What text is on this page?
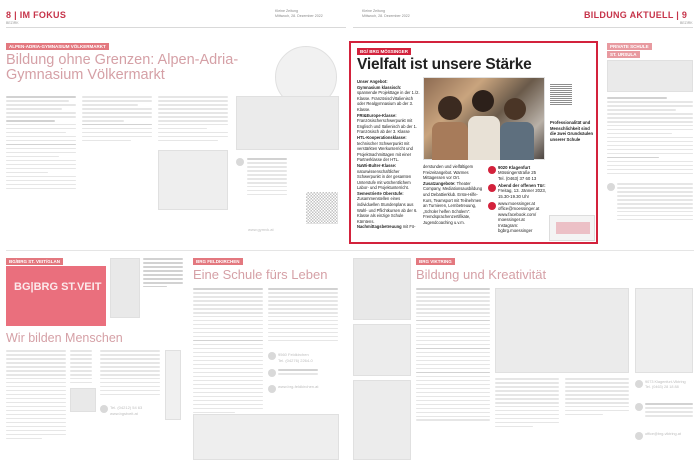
8 | IM FOKUS
BEZIRK
Kleine Zeitung
Mittwoch, 28. Dezember 2022
Kleine Zeitung
Mittwoch, 28. Dezember 2022	BILDUNG AKTUELL | 9
BEZIRK
ALPEN-ADRIA-GYMNASIUM VÖLKERMARKT
Bildung ohne Grenzen: Alpen-Adria-Gymnasium Völkermarkt
www.gymvk.at
BG/ BRG MÖSSINGER
Vielfalt ist unsere Stärke
Unser Angebot:
Gymnasium klassisch: spannende Projekttage in der 1./2. Klasse. Französisch/Italienisch oder Realgymnasium ab der 3. Klasse.
FRI&Europe-Klasse: Französischerschwerpunkt mit Englisch und Italienisch ab der 1. Französisch ab der 3. Klasse
HTL-Kooperationsklasse: technischer Schwerpunkt mit verstärkten Werkunterricht und Projektnachmittagen mit einer Partnerklasse der HTL.
NaWi-Bulter-Klasse: naturwissenschaftlicher Schwerpunkt in der gesamten Unterstufe mit wöchentlichem Labor- und Projektunterricht.
Semestrierte Oberstufe: Zusammenstellen eines individuellen Stundenplans aus Wahl- und Pflichtkursen ab der 6. Klasse als einzige Schule Kärntens.
Nachmittagsbetreuung mit Fö-
Professionalität und Menschlichkeit sind die zwei Grundsäulen unserer Schule
derstunden und vielfältigem Freizeitangebot. Warmes Mittagessen vor Ort.
Zusatzangebote: Theater Company, Mediationsausbildung und Debattierklub. Erste-Hilfe-Kurs, Teamsport mit Teilnehmen an Turnieren, Lernbetreuung, „Schüler helfen Schülern". Fremdsprachenzertifikate, Jugendcoaching u.v.m.
9020 Klagenfurt
Mössingerstraße 25
Tel. (0463) 37 60 13
Abend der offenen Tür:
Freitag, 13. Jänner 2023,
15.30-19.30 Uhr
www.moessinger.at
office@moessinger.at
www.facebook.com/
moessinger.at
Instagram:
bgbrg.moessinger
PRIVATE SCHULE
ST. URSULA
BG/BRG ST. VEIT/GLAN
BG|BRG ST.VEIT
Wir bilden Menschen
Tel. (04212) 54 63
www.bgstveit.at
BRG FELDKIRCHEN
Eine Schule fürs Leben
9560 Feldkirchen
Tel. (04276) 2264-0
www.brg-feldkirchen.at
BRG VIKTRING
Bildung und Kreativität
9073 Klagenfurt-Viktring
Tel. (0463) 28 18 88
office@brg-viktring.at
